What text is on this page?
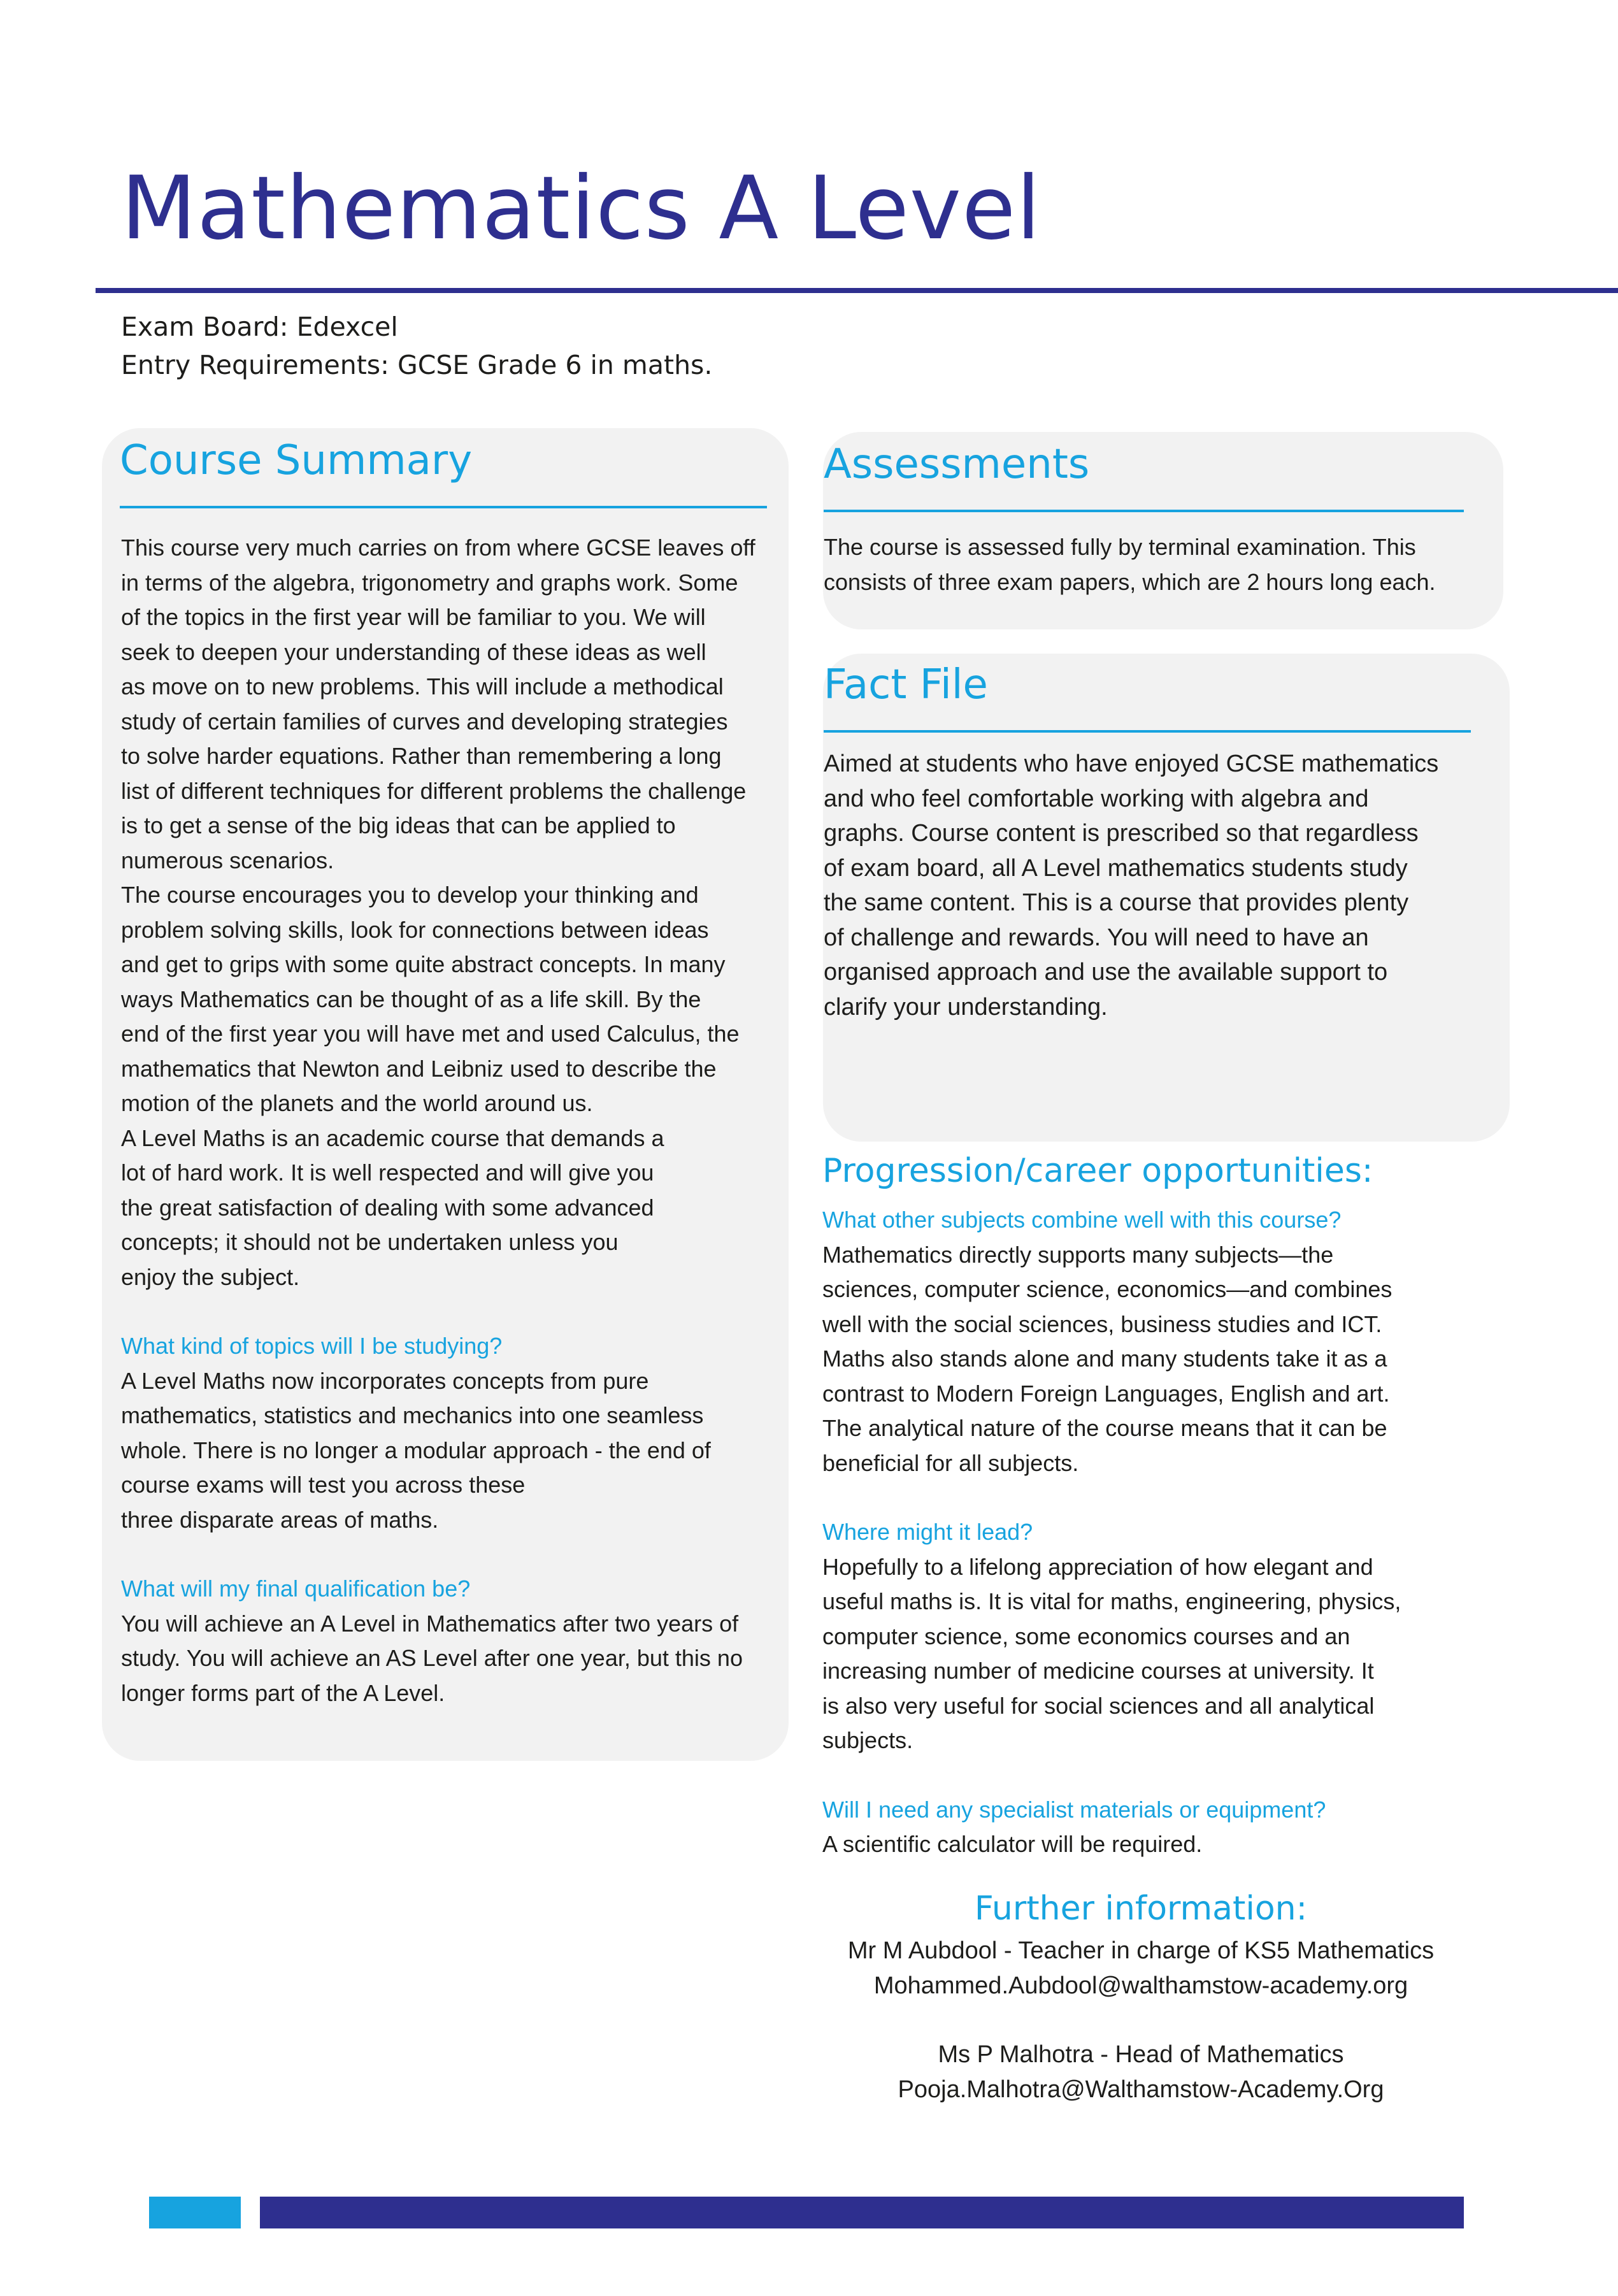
Mathematics A Level
Exam Board: Edexcel
Entry Requirements: GCSE Grade 6 in maths.
Course Summary
This course very much carries on from where GCSE leaves off
in terms of the algebra, trigonometry and graphs work. Some
of the topics in the first year will be familiar to you. We will
seek to deepen your understanding of these ideas as well
as move on to new problems. This will include a methodical
study of certain families of curves and developing strategies
to solve harder equations. Rather than remembering a long
list of different techniques for different problems the challenge
is to get a sense of the big ideas that can be applied to
numerous scenarios.
The course encourages you to develop your thinking and
problem solving skills, look for connections between ideas
and get to grips with some quite abstract concepts. In many
ways Mathematics can be thought of as a life skill. By the
end of the first year you will have met and used Calculus, the
mathematics that Newton and Leibniz used to describe the
motion of the planets and the world around us.
A Level Maths is an academic course that demands a
lot of hard work. It is well respected and will give you
the great satisfaction of dealing with some advanced
concepts; it should not be undertaken unless you
enjoy the subject.
What kind of topics will I be studying?
A Level Maths now incorporates concepts from pure
mathematics, statistics and mechanics into one seamless
whole. There is no longer a modular approach - the end of
course exams will test you across these
three disparate areas of maths.
What will my final qualification be?
You will achieve an A Level in Mathematics after two years of
study. You will achieve an AS Level after one year, but this no
longer forms part of the A Level.
Assessments
The course is assessed fully by terminal examination. This
consists of three exam papers, which are 2 hours long each.
Fact File
Aimed at students who have enjoyed GCSE mathematics
and who feel comfortable working with algebra and
graphs. Course content is prescribed so that regardless
of exam board, all A Level mathematics students study
the same content. This is a course that provides plenty
of challenge and rewards. You will need to have an
organised approach and use the available support to
clarify your understanding.
Progression/career opportunities:
What other subjects combine well with this course?
Mathematics directly supports many subjects—the
sciences, computer science, economics—and combines
well with the social sciences, business studies and ICT.
Maths also stands alone and many students take it as a
contrast to Modern Foreign Languages, English and art.
The analytical nature of the course means that it can be
beneficial for all subjects.
Where might it lead?
Hopefully to a lifelong appreciation of how elegant and
useful maths is. It is vital for maths, engineering, physics,
computer science, some economics courses and an
increasing number of medicine courses at university. It
is also very useful for social sciences and all analytical
subjects.
Will I need any specialist materials or equipment?
A scientific calculator will be required.
Further information:
Mr M Aubdool - Teacher in charge of KS5 Mathematics
Mohammed.Aubdool@walthamstow-academy.org
Ms P Malhotra - Head of Mathematics
Pooja.Malhotra@Walthamstow-Academy.Org
